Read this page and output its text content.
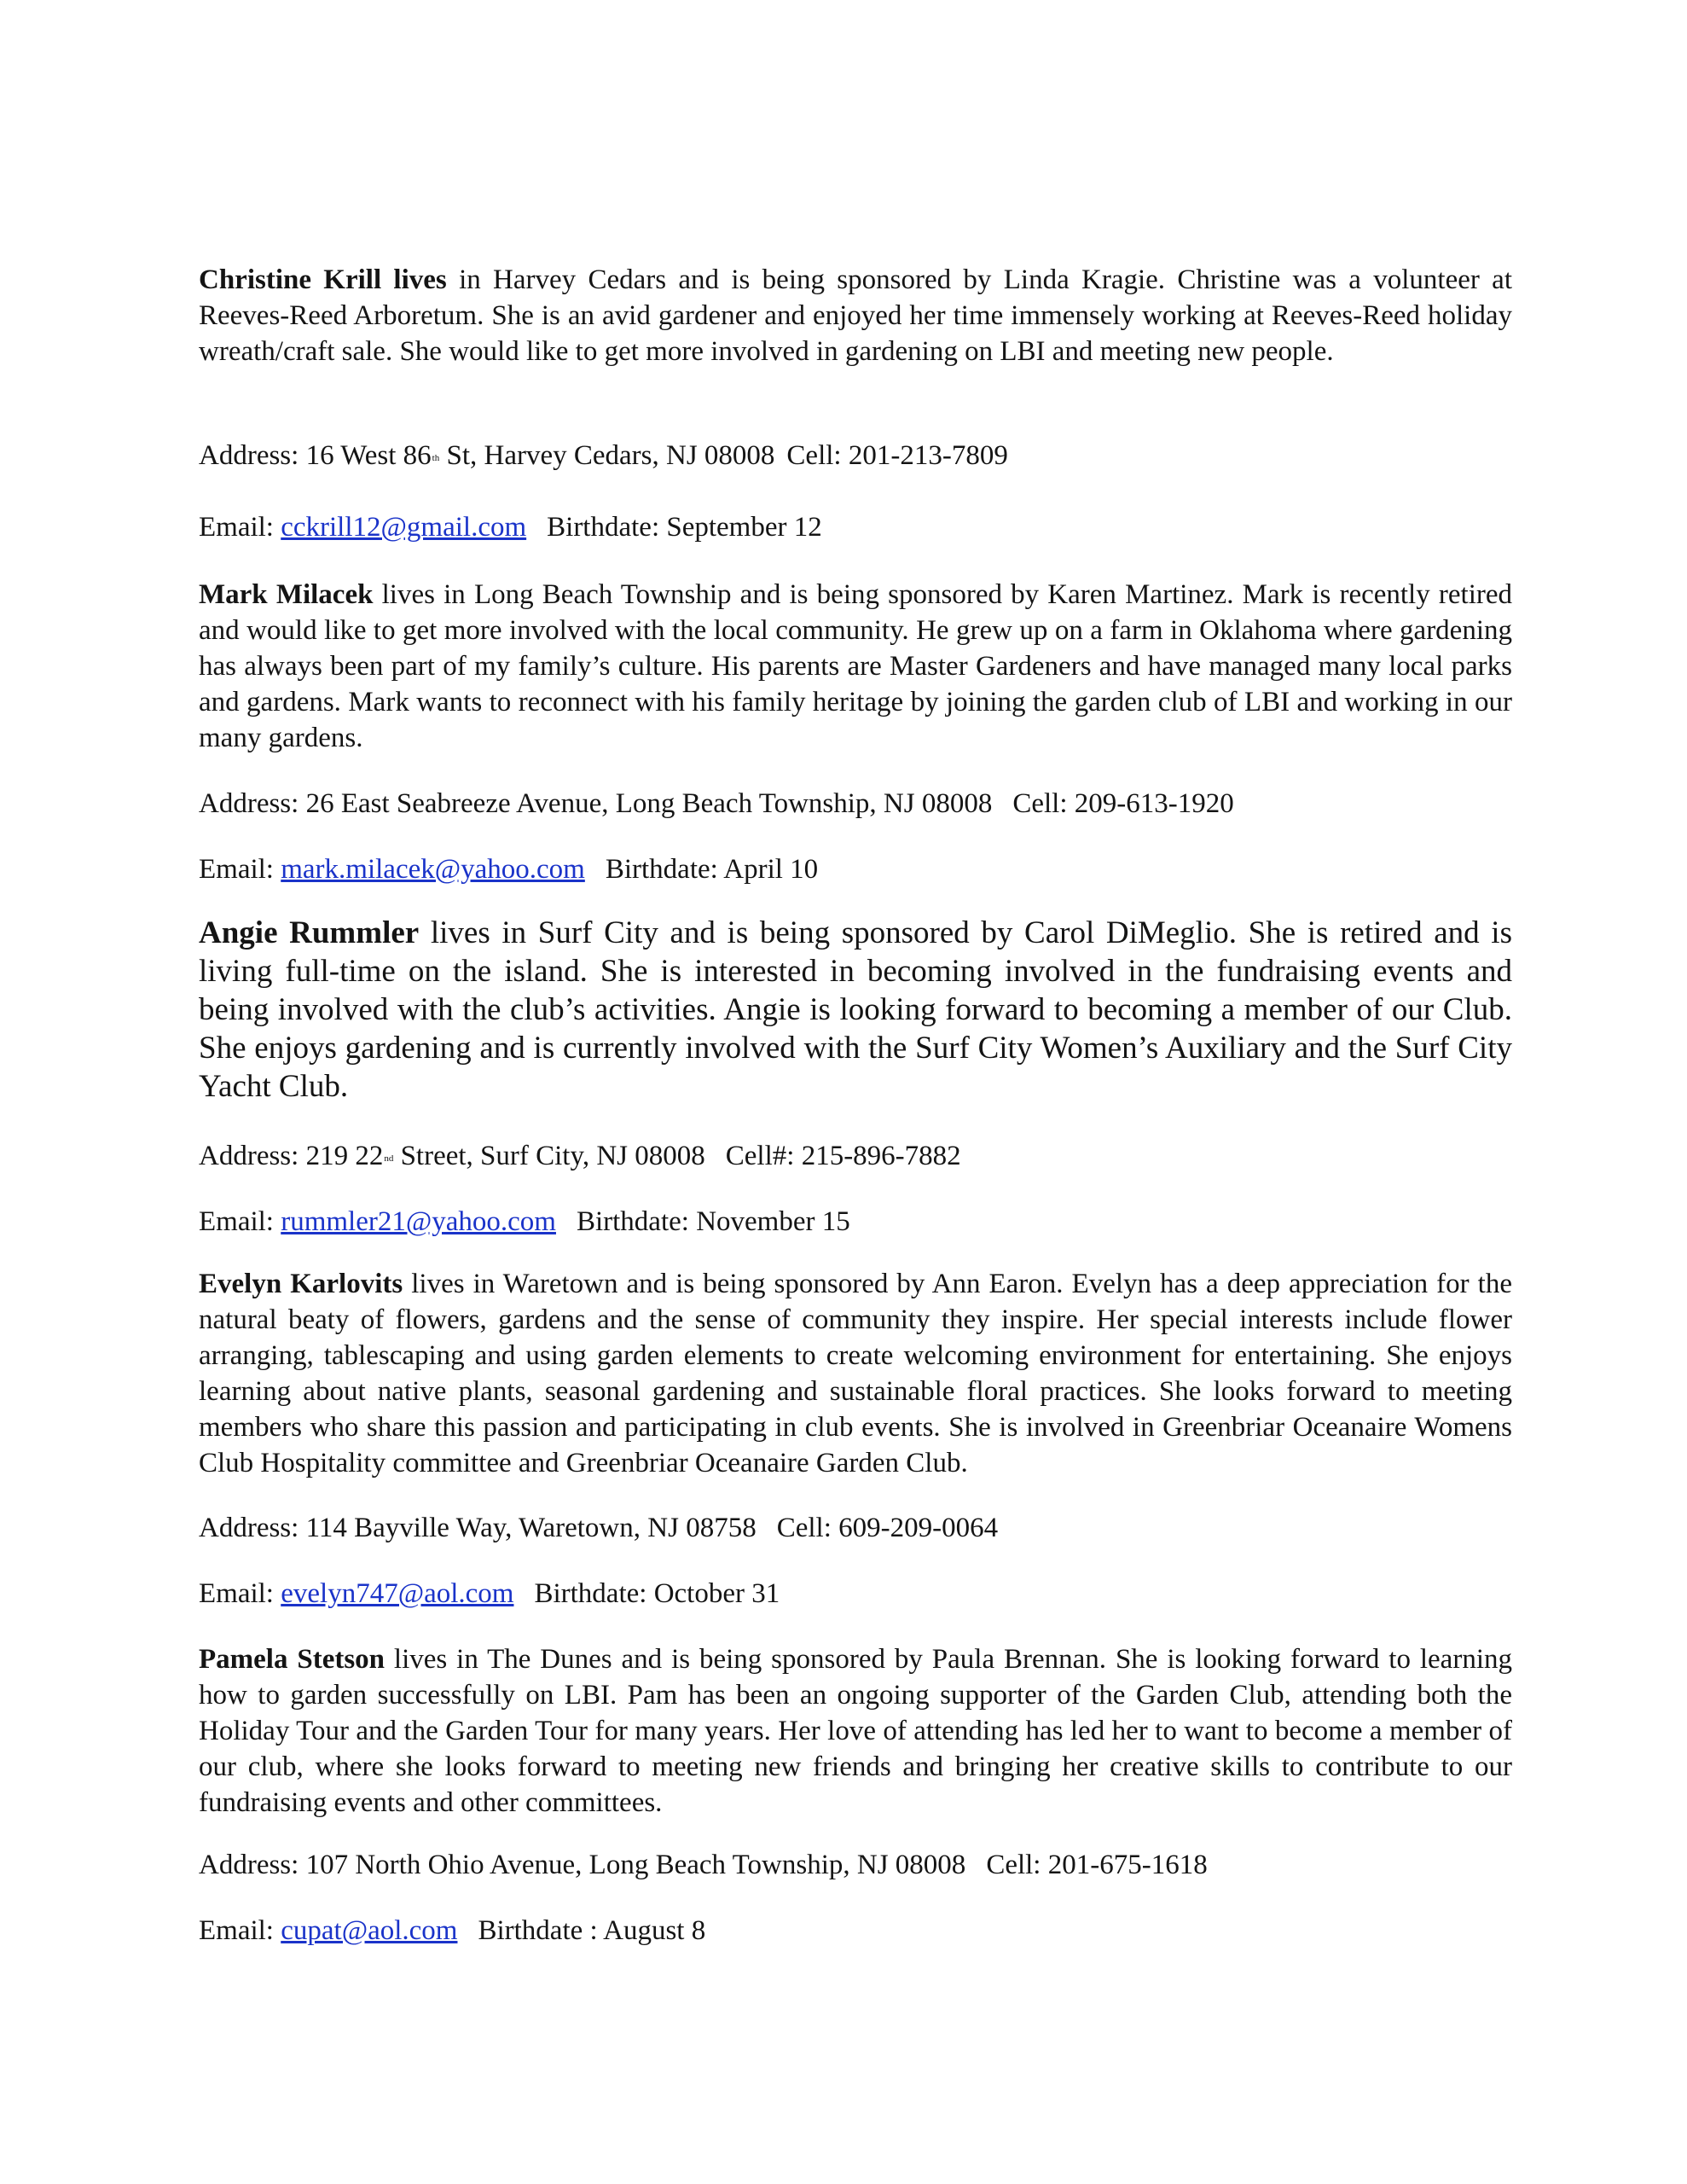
Christine Krill lives in Harvey Cedars and is being sponsored by Linda Kragie. Christine was a volunteer at Reeves-Reed Arboretum. She is an avid gardener and enjoyed her time immensely working at Reeves-Reed holiday wreath/craft sale. She would like to get more involved in gardening on LBI and meeting new people.
Address: 16 West 86th St, Harvey Cedars, NJ 08008 Cell: 201-213-7809
Email: cckrill12@gmail.com Birthdate: September 12
Mark Milacek lives in Long Beach Township and is being sponsored by Karen Martinez. Mark is recently retired and would like to get more involved with the local community. He grew up on a farm in Oklahoma where gardening has always been part of my family’s culture. His parents are Master Gardeners and have managed many local parks and gardens. Mark wants to reconnect with his family heritage by joining the garden club of LBI and working in our many gardens.
Address: 26 East Seabreeze Avenue, Long Beach Township, NJ 08008 Cell: 209-613-1920
Email: mark.milacek@yahoo.com Birthdate: April 10
Angie Rummler lives in Surf City and is being sponsored by Carol DiMeglio. She is retired and is living full-time on the island. She is interested in becoming involved in the fundraising events and being involved with the club’s activities. Angie is looking forward to becoming a member of our Club. She enjoys gardening and is currently involved with the Surf City Women’s Auxiliary and the Surf City Yacht Club.
Address: 219 22nd Street, Surf City, NJ 08008 Cell#: 215-896-7882
Email: rummler21@yahoo.com Birthdate: November 15
Evelyn Karlovits lives in Waretown and is being sponsored by Ann Earon. Evelyn has a deep appreciation for the natural beaty of flowers, gardens and the sense of community they inspire. Her special interests include flower arranging, tablescaping and using garden elements to create welcoming environment for entertaining. She enjoys learning about native plants, seasonal gardening and sustainable floral practices. She looks forward to meeting members who share this passion and participating in club events. She is involved in Greenbriar Oceanaire Womens Club Hospitality committee and Greenbriar Oceanaire Garden Club.
Address: 114 Bayville Way, Waretown, NJ 08758 Cell: 609-209-0064
Email: evelyn747@aol.com Birthdate: October 31
Pamela Stetson lives in The Dunes and is being sponsored by Paula Brennan. She is looking forward to learning how to garden successfully on LBI. Pam has been an ongoing supporter of the Garden Club, attending both the Holiday Tour and the Garden Tour for many years. Her love of attending has led her to want to become a member of our club, where she looks forward to meeting new friends and bringing her creative skills to contribute to our fundraising events and other committees.
Address: 107 North Ohio Avenue, Long Beach Township, NJ 08008 Cell: 201-675-1618
Email: cupat@aol.com Birthdate : August 8
